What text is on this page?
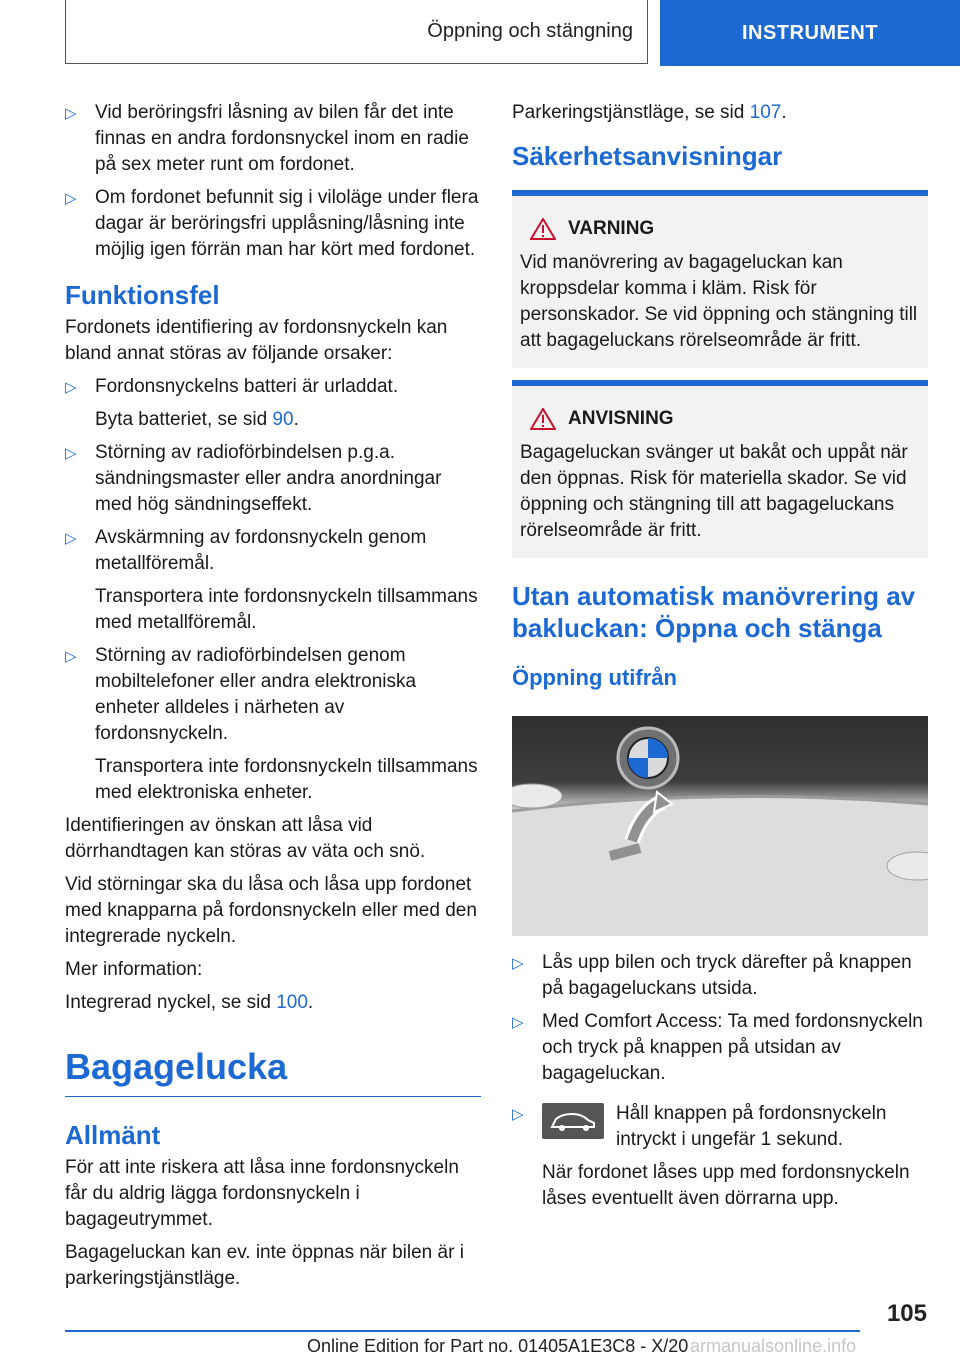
Öppning och stängning	INSTRUMENT
▷ Vid beröringsfri låsning av bilen får det inte finnas en andra fordonsnyckel inom en radie på sex meter runt om fordonet.
▷ Om fordonet befunnit sig i viloläge under flera dagar är beröringsfri upplåsning/låsning inte möjlig igen förrän man har kört med fordonet.
Funktionsfel

Fordonets identifiering av fordonsnyckeln kan bland annat störas av följande orsaker:

▷ Fordonsnyckelns batteri är urladdat.
Byta batteriet, se sid 90.
▷ Störning av radioförbindelsen p.g.a. sändningsmaster eller andra anordningar med hög sändningseffekt.
▷ Avskärmning av fordonsnyckeln genom metallföremål.
Transportera inte fordonsnyckeln tillsammans med metallföremål.
▷ Störning av radioförbindelsen genom mobiltelefoner eller andra elektroniska enheter alldeles i närheten av fordonsnyckeln.
Transportera inte fordonsnyckeln tillsammans med elektroniska enheter.

Identifieringen av önskan att låsa vid dörrhandtagen kan störas av väta och snö.

Vid störningar ska du låsa och låsa upp fordonet med knapparna på fordonsnyckeln eller med den integrerade nyckeln.

Mer information:

Integrerad nyckel, se sid 100.

Bagagelucka
Allmänt

För att inte riskera att låsa inne fordonsnyckeln får du aldrig lägga fordonsnyckeln i bagageutrymmet.

Bagageluckan kan ev. inte öppnas när bilen är i parkeringstjänstläge.

Parkeringstjänstläge, se sid 107.

Säkerhetsanvisningar
VARNING
Vid manövrering av bagageluckan kan kroppsdelar komma i kläm. Risk för personskador. Se vid öppning och stängning till att bagageluckans rörelseområde är fritt.
ANVISNING
Bagageluckan svänger ut bakåt och uppåt när den öppnas. Risk för materiella skador. Se vid öppning och stängning till att bagageluckans rörelseområde är fritt.
Utan automatisk manövrering av bakluckan: Öppna och stänga
Öppning utifrån
▷ Lås upp bilen och tryck därefter på knappen på bagageluckans utsida.
▷ Med Comfort Access: Ta med fordonsnyckeln och tryck på knappen på utsidan av bagageluckan.
▷	Håll knappen på fordonsnyckeln intryckt i ungefär 1 sekund.
När fordonet låses upp med fordonsnyckeln låses eventuellt även dörrarna upp.
105
Online Edition for Part no. 01405A1E3C8 - X/20 armanualsonline.info
